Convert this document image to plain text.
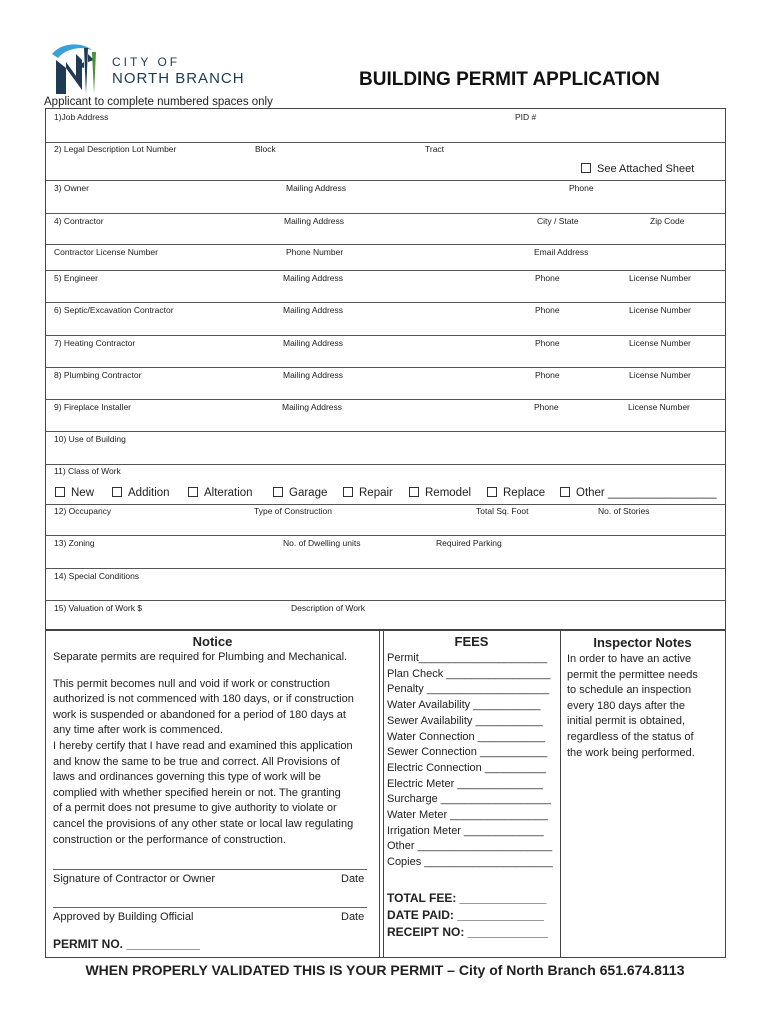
CITY OF
NORTH BRANCH	BUILDING PERMIT APPLICATION
Applicant to complete numbered spaces only
1)Job Address	PID #
2) Legal Description Lot Number	Block	Tract
See Attached Sheet
3) Owner	Mailing Address	Phone
4) Contractor	Mailing Address	City / State	Zip Code
Contractor License Number	Phone Number	Email Address
5) Engineer	Mailing Address	Phone	License Number
6) Septic/Excavation Contractor	Mailing Address	Phone	License Number
7) Heating Contractor	Mailing Address	Phone	License Number
8) Plumbing Contractor	Mailing Address	Phone	License Number
9) Fireplace Installer	Mailing Address	Phone	License Number
10) Use of Building
11) Class of Work
New	Addition	Alteration	Garage	Repair	Remodel	Replace	Other _________________
12) Occupancy	Type of Construction	Total Sq. Foot	No. of Stories
13) Zoning	No. of Dwelling units	Required Parking
14) Special Conditions
15) Valuation of Work $	Description of Work
Notice
Separate permits are required for Plumbing and Mechanical.
This permit becomes null and void if work or construction
authorized is not commenced with 180 days, or if construction
work is suspended or abandoned for a period of 180 days at
any time after work is commenced.
I hereby certify that I have read and examined this application
and know the same to be true and correct. All Provisions of
laws and ordinances governing this type of work will be
complied with whether specified herein or not. The granting
of a permit does not presume to give authority to violate or
cancel the provisions of any other state or local law regulating
construction or the performance of construction.
Signature of Contractor or Owner	Date
Approved by Building Official	Date
PERMIT NO. ___________
FEES
Permit_____________________
Plan Check _________________
Penalty ____________________
Water Availability ___________
Sewer Availability ___________
Water Connection ___________
Sewer Connection ___________
Electric Connection __________
Electric Meter ______________
Surcharge __________________
Water Meter ________________
Irrigation Meter _____________
Other ______________________
Copies _____________________
TOTAL FEE: _____________
DATE PAID: _____________
RECEIPT NO: ____________
Inspector Notes
In order to have an active
permit the permittee needs
to schedule an inspection
every 180 days after the
initial permit is obtained,
regardless of the status of
the work being performed.
WHEN PROPERLY VALIDATED THIS IS YOUR PERMIT – City of North Branch 651.674.8113
